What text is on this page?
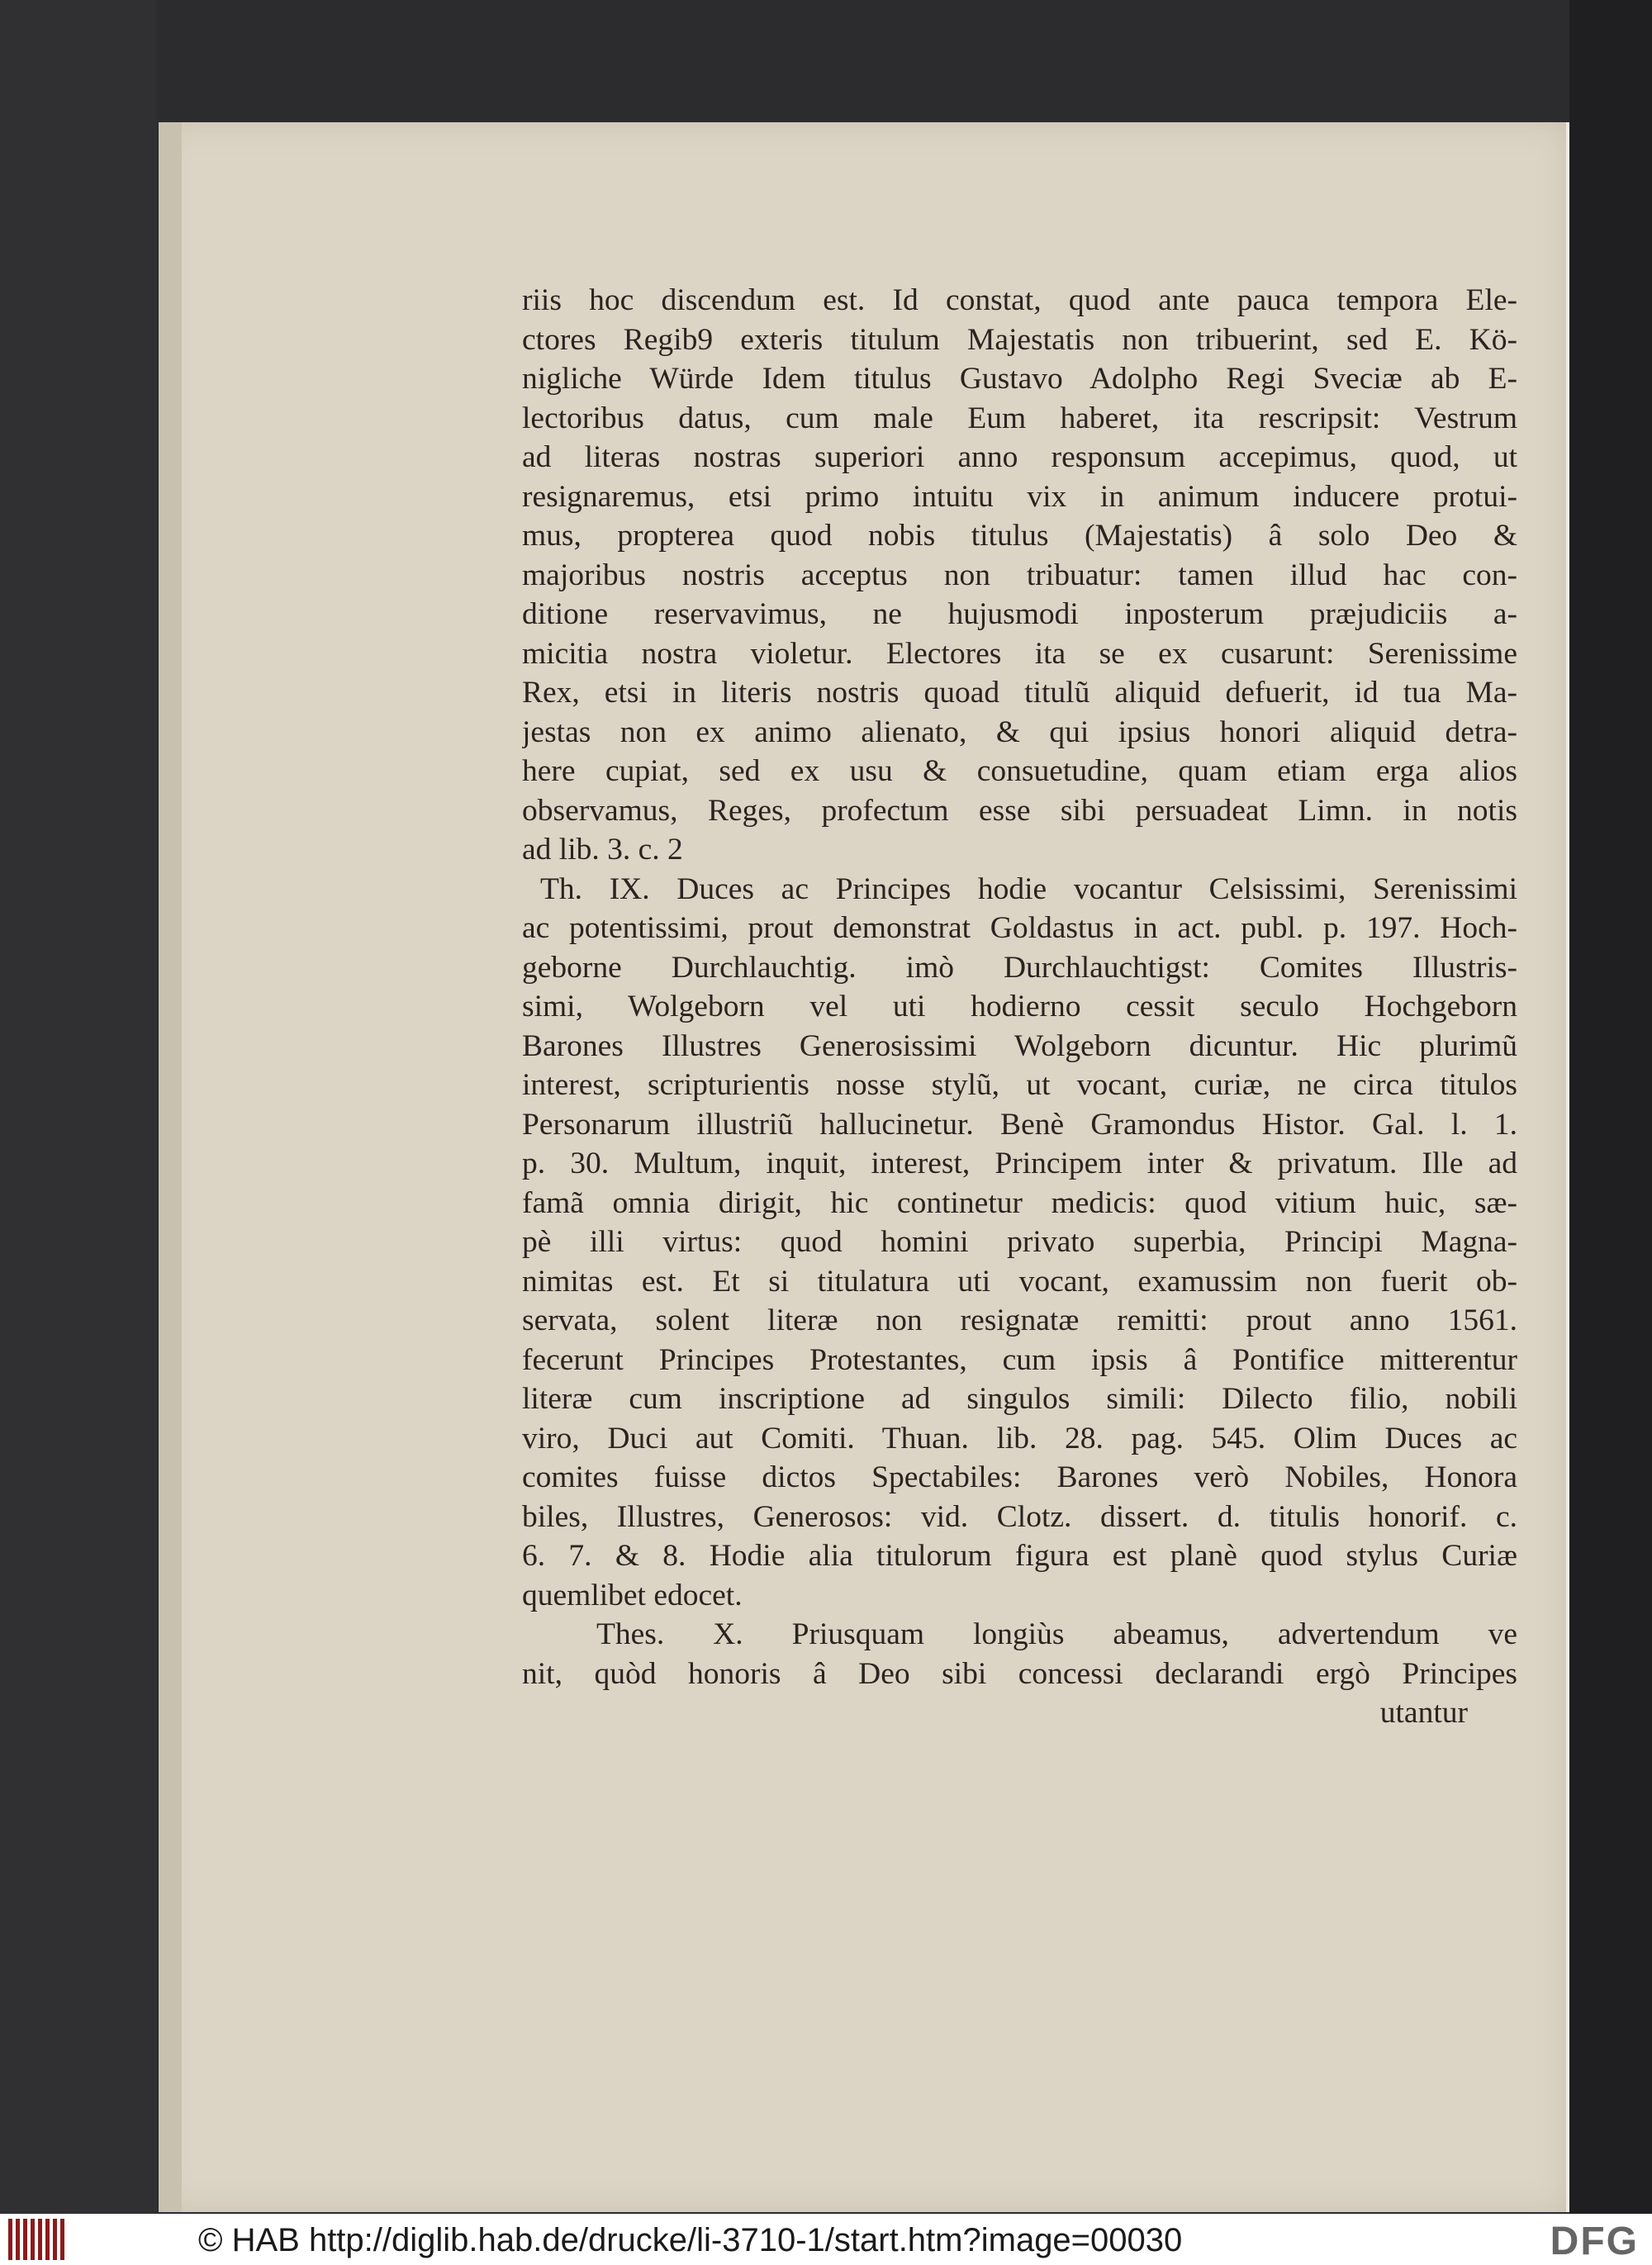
riis hoc discendum est. Id constat, quod ante pauca tempora Ele-
ctores Regib9 exteris titulum Majestatis non tribuerint, sed E. Kö-
nigliche Würde Idem titulus Gustavo Adolpho Regi Sveciæ ab E-
lectoribus datus, cum male Eum haberet, ita rescripsit: Vestrum
ad literas nostras superiori anno responsum accepimus, quod, ut
resignaremus, etsi primo intuitu vix in animum inducere protui-
mus, propterea quod nobis titulus (Majestatis) â solo Deo &
majoribus nostris acceptus non tribuatur: tamen illud hac con-
ditione reservavimus, ne hujusmodi inposterum præjudiciis a-
micitia nostra violetur. Electores ita se ex cusarunt: Serenissime
Rex, etsi in literis nostris quoad titulũ aliquid defuerit, id tua Ma-
jestas non ex animo alienato, & qui ipsius honori aliquid detra-
here cupiat, sed ex usu & consuetudine, quam etiam erga alios
observamus, Reges, profectum esse sibi persuadeat Limn. in notis
ad lib. 3. c. 2
Th. IX. Duces ac Principes hodie vocantur Celsissimi, Serenissimi
ac potentissimi, prout demonstrat Goldastus in act. publ. p. 197. Hoch-
geborne Durchlauchtig. imò Durchlauchtigst: Comites Illustris-
simi, Wolgeborn vel uti hodierno cessit seculo Hochgeborn
Barones Illustres Generosissimi Wolgeborn dicuntur. Hic plurimũ
interest, scripturientis nosse stylũ, ut vocant, curiæ, ne circa titulos
Personarum illustriũ hallucinetur. Benè Gramondus Histor. Gal. l. 1.
p. 30. Multum, inquit, interest, Principem inter & privatum. Ille ad
famã omnia dirigit, hic continetur medicis: quod vitium huic, sæ-
pè illi virtus: quod homini privato superbia, Principi Magna-
nimitas est. Et si titulatura uti vocant, examussim non fuerit ob-
servata, solent literæ non resignatæ remitti: prout anno 1561.
fecerunt Principes Protestantes, cum ipsis â Pontifice mitterentur
literæ cum inscriptione ad singulos simili: Dilecto filio, nobili
viro, Duci aut Comiti. Thuan. lib. 28. pag. 545. Olim Duces ac
comites fuisse dictos Spectabiles: Barones verò Nobiles, Honora
biles, Illustres, Generosos: vid. Clotz. dissert. d. titulis honorif. c.
6. 7. & 8. Hodie alia titulorum figura est planè quod stylus Curiæ
quemlibet edocet.
Thes. X. Priusquam longiùs abeamus, advertendum ve
nit, quòd honoris â Deo sibi concessi declarandi ergò Principes
utantur
© HAB http://diglib.hab.de/drucke/li-3710-1/start.htm?image=00030	DFG
